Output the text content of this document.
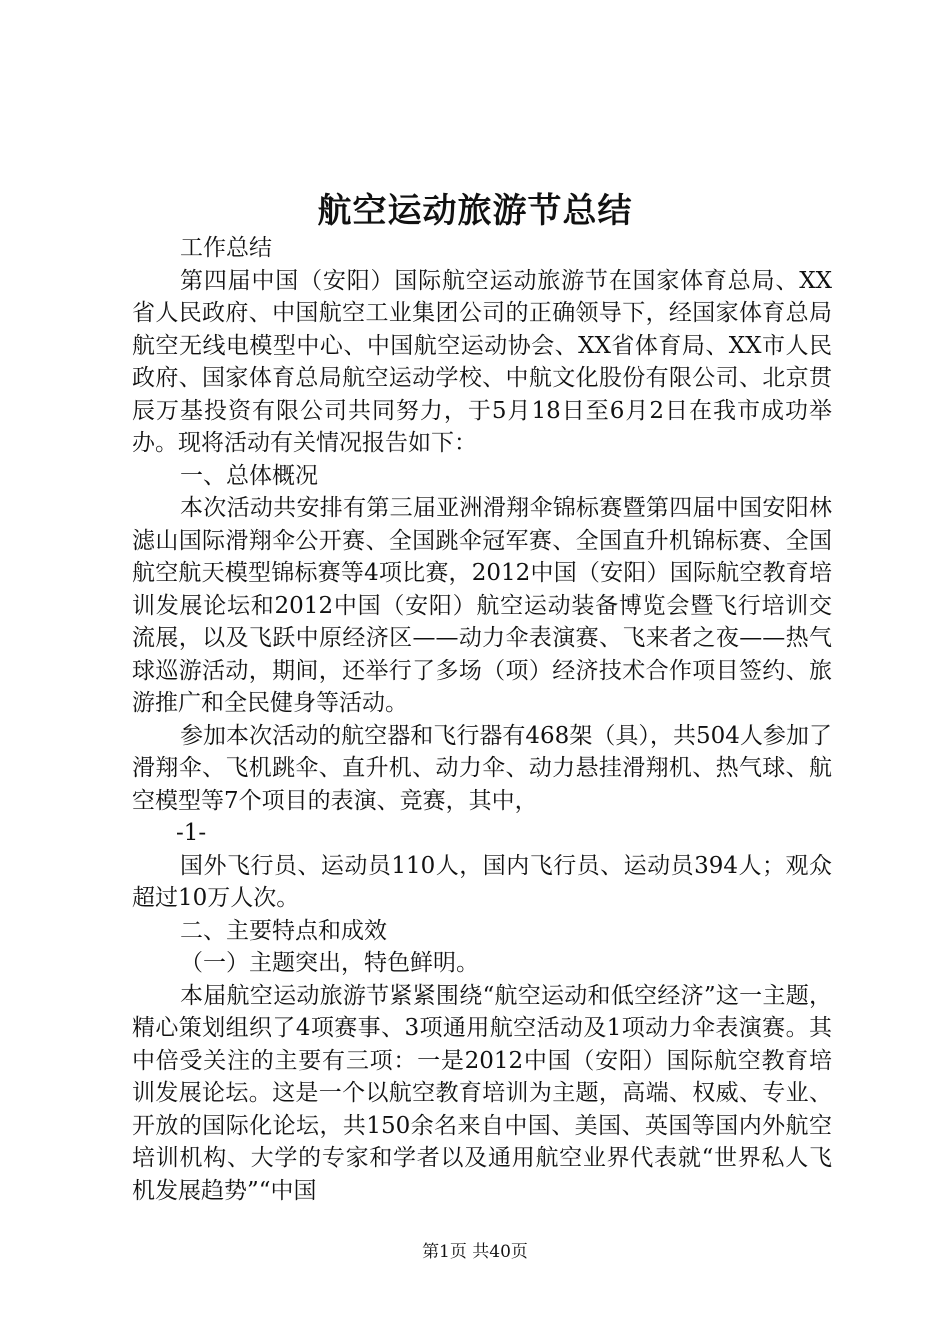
航空运动旅游节总结

工作总结

第四届中国（安阳）国际航空运动旅游节在国家体育总局、XX省人民政府、中国航空工业集团公司的正确领导下，经国家体育总局航空无线电模型中心、中国航空运动协会、XX省体育局、XX市人民政府、国家体育总局航空运动学校、中航文化股份有限公司、北京贯辰万基投资有限公司共同努力，于5月18日至6月2日在我市成功举办。现将活动有关情况报告如下：

一、总体概况

本次活动共安排有第三届亚洲滑翔伞锦标赛暨第四届中国安阳林滤山国际滑翔伞公开赛、全国跳伞冠军赛、全国直升机锦标赛、全国航空航天模型锦标赛等4项比赛，2012中国（安阳）国际航空教育培训发展论坛和2012中国（安阳）航空运动装备博览会暨飞行培训交流展，以及飞跃中原经济区——动力伞表演赛、飞来者之夜——热气球巡游活动，期间，还举行了多场（项）经济技术合作项目签约、旅游推广和全民健身等活动。

参加本次活动的航空器和飞行器有468架（具），共504人参加了滑翔伞、飞机跳伞、直升机、动力伞、动力悬挂滑翔机、热气球、航空模型等7个项目的表演、竞赛，其中，

-1-

国外飞行员、运动员110人，国内飞行员、运动员394人；观众超过10万人次。

二、主要特点和成效

（一）主题突出，特色鲜明。

本届航空运动旅游节紧紧围绕“航空运动和低空经济”这一主题，精心策划组织了4项赛事、3项通用航空活动及1项动力伞表演赛。其中倍受关注的主要有三项：一是2012中国（安阳）国际航空教育培训发展论坛。这是一个以航空教育培训为主题，高端、权威、专业、开放的国际化论坛，共150余名来自中国、美国、英国等国内外航空培训机构、大学的专家和学者以及通用航空业界代表就“世界私人飞机发展趋势”“中国

第1页 共40页
